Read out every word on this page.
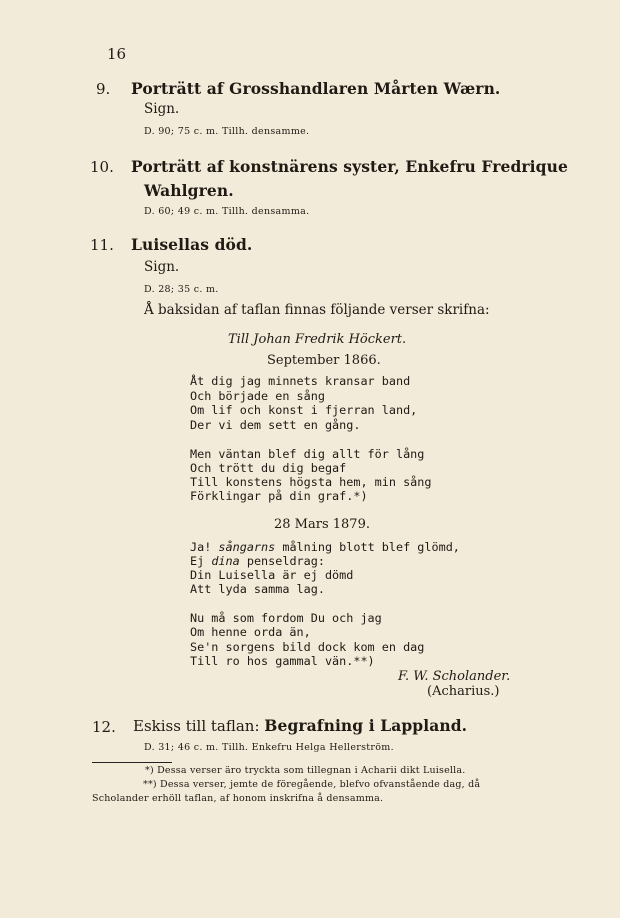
16
9. Porträtt af Grosshandlaren Mårten Wærn.
Sign.
D. 90; 75 c. m. Tillh. densamme.
10. Porträtt af konstnärens syster, Enkefru Fredrique
Wahlgren.
D. 60; 49 c. m. Tillh. densamma.
11. Luisellas död.
Sign.
D. 28; 35 c. m.
Å baksidan af taflan finnas följande verser skrifna:
Till Johan Fredrik Höckert.
September 1866.
Åt dig jag minnets kransar band
Och började en sång
Om lif och konst i fjerran land,
Der vi dem sett en gång.
Men väntan blef dig allt för lång
Och trött du dig begaf
Till konstens högsta hem, min sång
Förklingar på din graf.*)
28 Mars 1879.
Ja! sångarns målning blott blef glömd,
Ej dina penseldrag:
Din Luisella är ej dömd
Att lyda samma lag.
Nu må som fordom Du och jag
Om henne orda än,
Se'n sorgens bild dock kom en dag
Till ro hos gammal vän.**)
F. W. Scholander.
(Acharius.)
12. Eskiss till taflan: Begrafning i Lappland.
D. 31; 46 c. m. Tillh. Enkefru Helga Hellerström.
*) Dessa verser äro tryckta som tillegnan i Acharii dikt Luisella.
**) Dessa verser, jemte de föregående, blefvo ofvanstående dag, då
Scholander erhöll taflan, af honom inskrifna å densamma.
